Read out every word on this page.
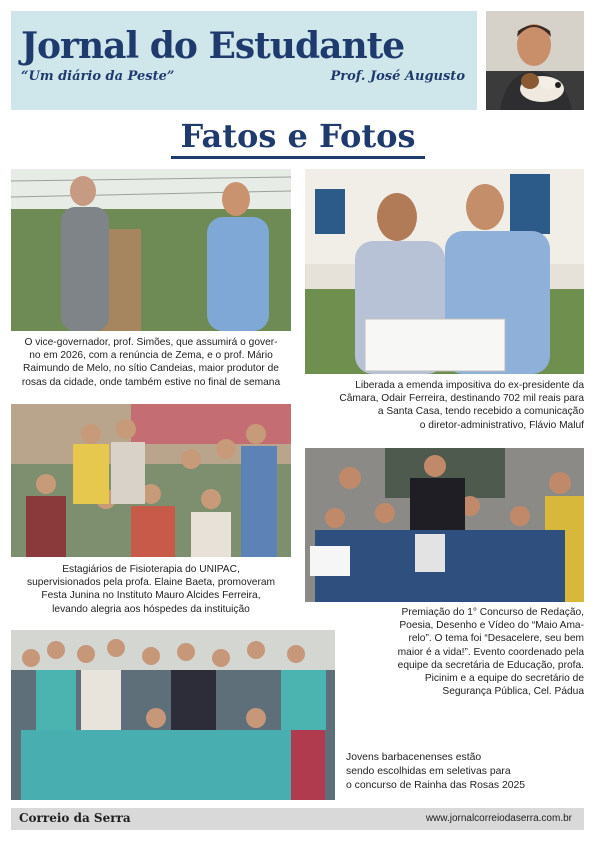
Jornal do Estudante
“Um diário da Peste”	Prof. José Augusto
Fatos e Fotos
O vice-governador, prof. Simões, que assumirá o gover-
no em 2026, com a renúncia de Zema, e o prof. Mário
Raimundo de Melo, no sítio Candeias, maior produtor de
rosas da cidade, onde também estive no final de semana	Liberada a emenda impositiva do ex-presidente da
Câmara, Odair Ferreira, destinando 702 mil reais para
a Santa Casa, tendo recebido a comunicação
o diretor-administrativo, Flávio Maluf
Estagiários de Fisioterapia do UNIPAC,
supervisionados pela profa. Elaine Baeta, promoveram
Festa Junina no Instituto Mauro Alcides Ferreira,
levando alegria aos hóspedes da instituição	Premiação do 1° Concurso de Redação,
Poesia, Desenho e Vídeo do “Maio Ama-
relo”. O tema foi “Desacelere, seu bem
maior é a vida!”. Evento coordenado pela
equipe da secretária de Educação, profa.
Picinim e a equipe do secretário de
Segurança Pública, Cel. Pádua
Jovens barbacenenses estão
sendo escolhidas em seletivas para
o concurso de Rainha das Rosas 2025
Correio da Serra	www.jornalcorreiodaserra.com.br
